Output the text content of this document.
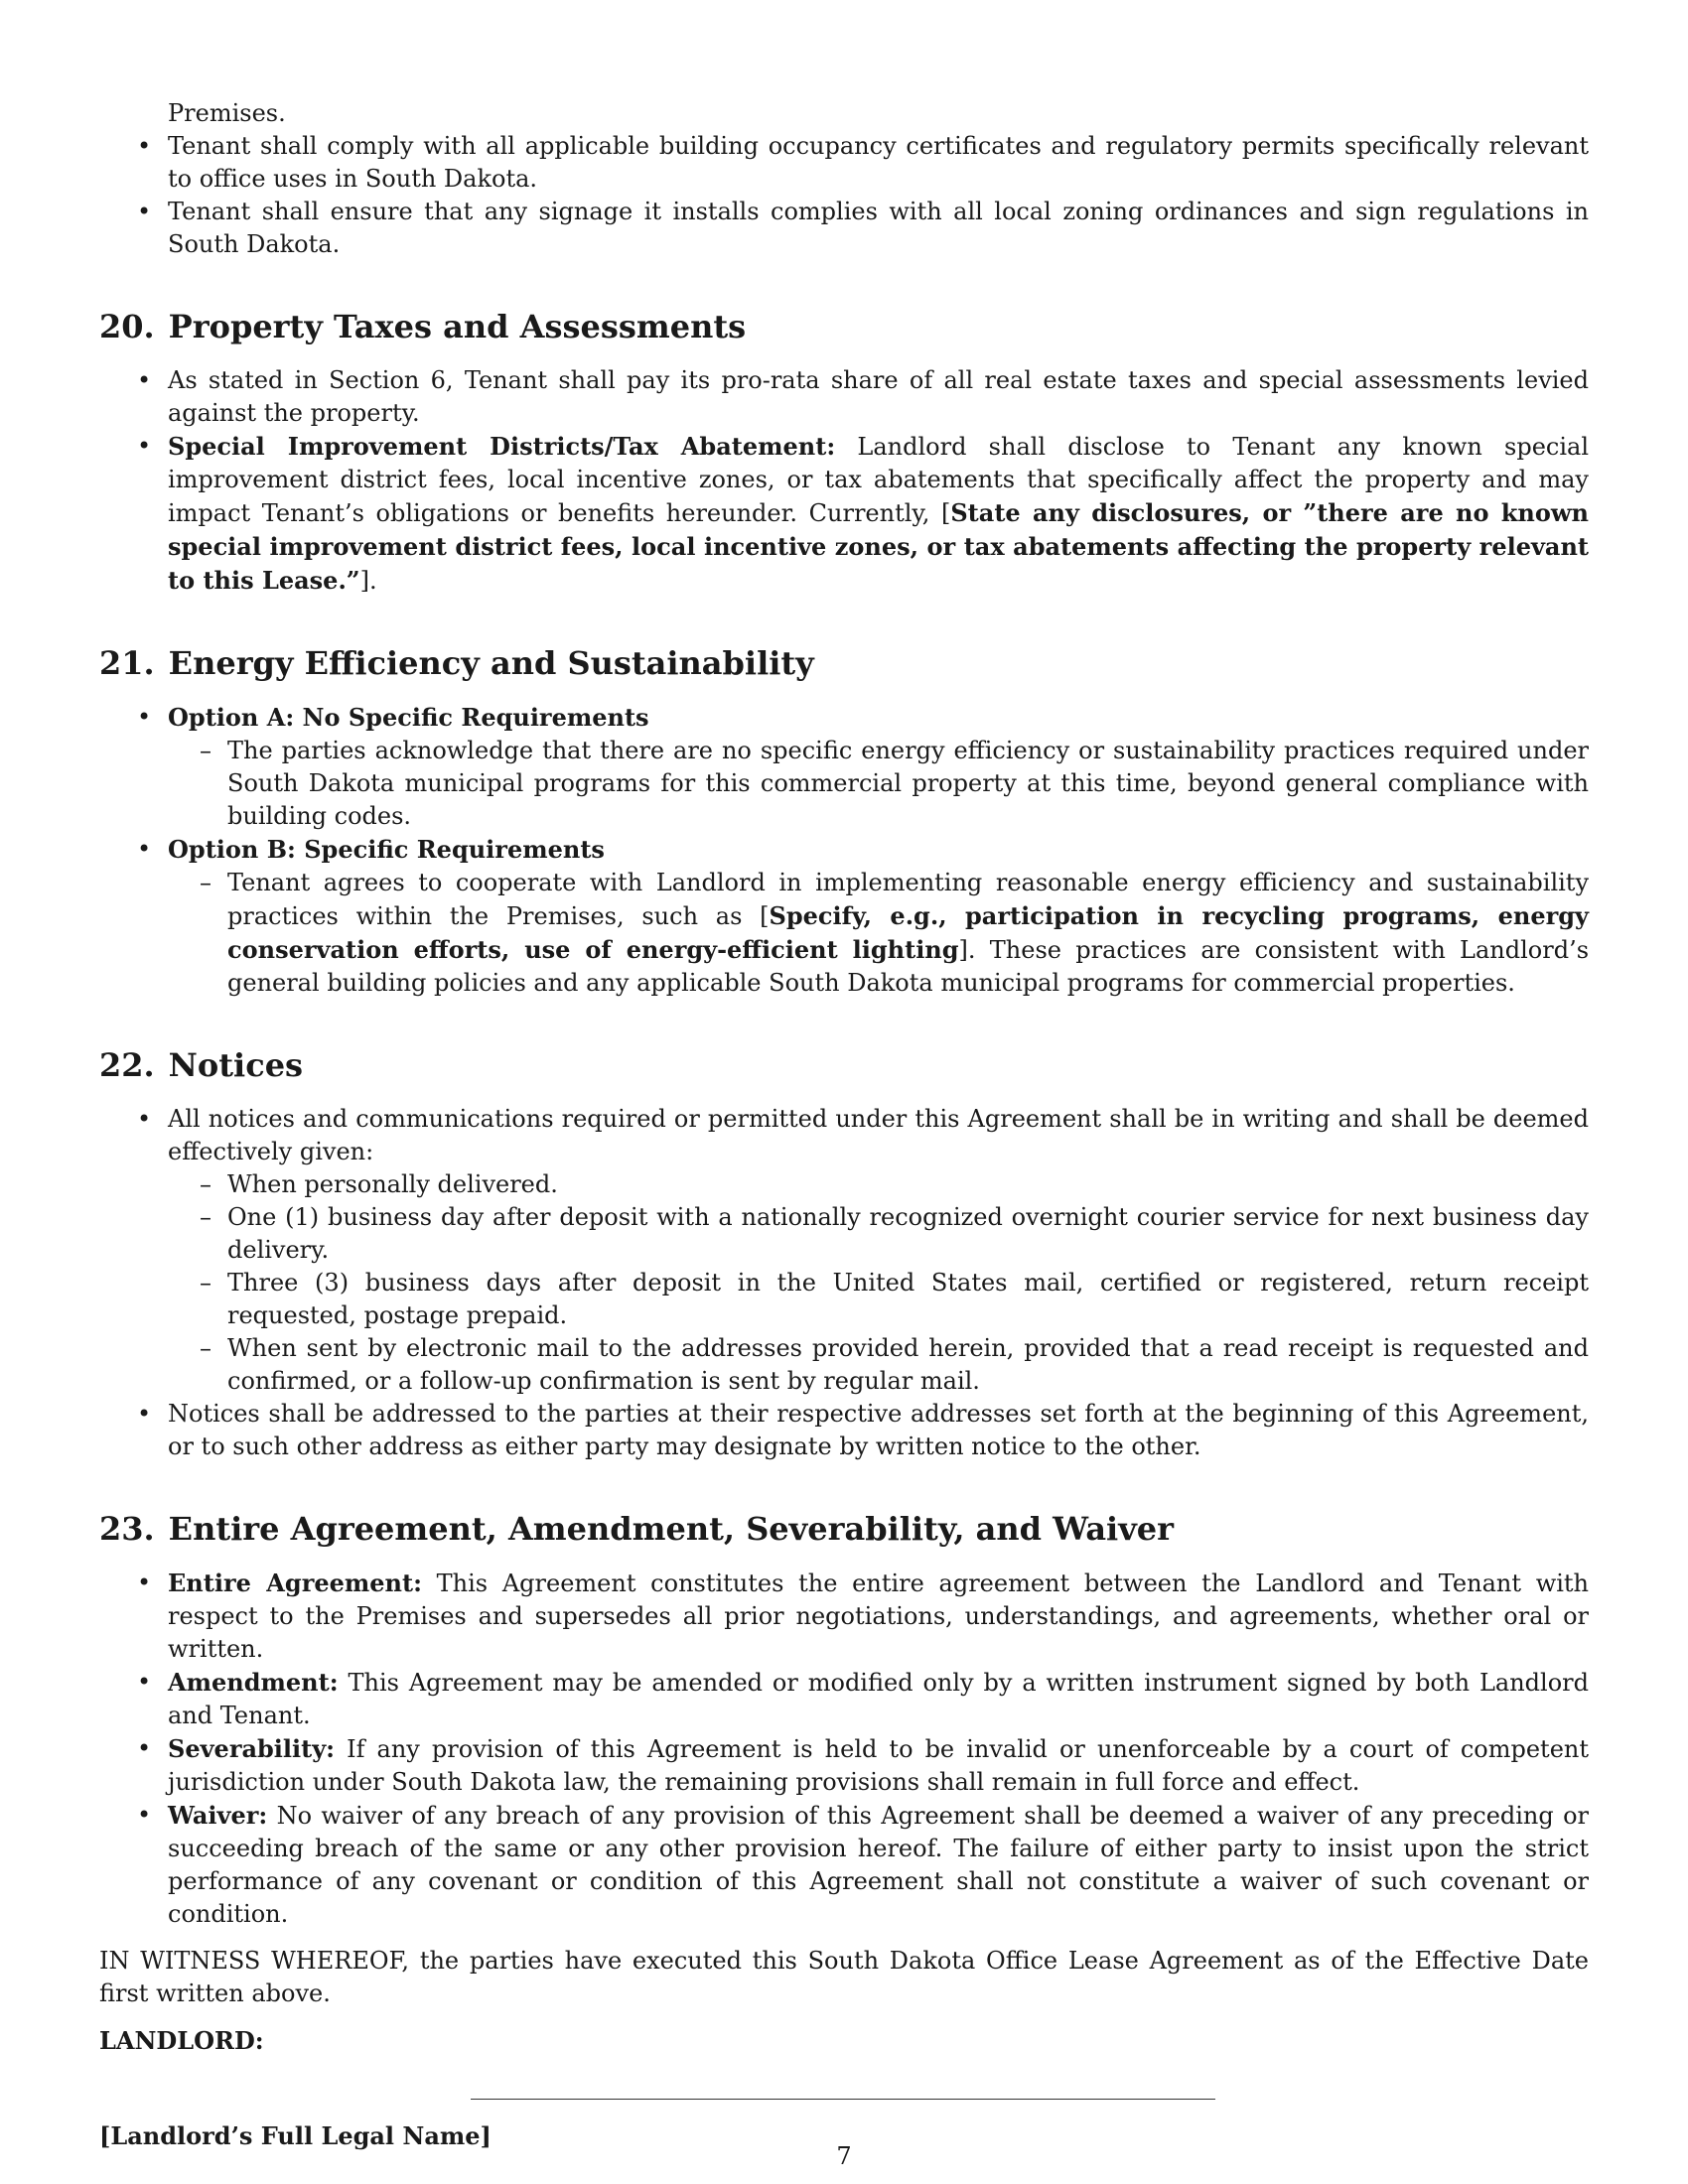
Premises.
• Tenant shall comply with all applicable building occupancy certificates and regulatory permits specifically relevant to office uses in South Dakota.
• Tenant shall ensure that any signage it installs complies with all local zoning ordinances and sign regulations in South Dakota.
20. Property Taxes and Assessments
• As stated in Section 6, Tenant shall pay its pro-rata share of all real estate taxes and special assessments levied against the property.
• Special Improvement Districts/Tax Abatement: Landlord shall disclose to Tenant any known special improvement district fees, local incentive zones, or tax abatements that specifically affect the property and may impact Tenant’s obligations or benefits hereunder. Currently, [State any disclosures, or ”there are no known special improvement district fees, local incentive zones, or tax abatements affecting the property relevant to this Lease.”].
21. Energy Efficiency and Sustainability
• Option A: No Specific Requirements
– The parties acknowledge that there are no specific energy efficiency or sustainability practices required under South Dakota municipal programs for this commercial property at this time, beyond general compliance with building codes.
• Option B: Specific Requirements
– Tenant agrees to cooperate with Landlord in implementing reasonable energy efficiency and sustainability practices within the Premises, such as [Specify, e.g., participation in recycling programs, energy conservation efforts, use of energy-efficient lighting]. These practices are consistent with Landlord’s general building policies and any applicable South Dakota municipal programs for commercial properties.
22. Notices
• All notices and communications required or permitted under this Agreement shall be in writing and shall be deemed effectively given:
– When personally delivered.
– One (1) business day after deposit with a nationally recognized overnight courier service for next business day delivery.
– Three (3) business days after deposit in the United States mail, certified or registered, return receipt requested, postage prepaid.
– When sent by electronic mail to the addresses provided herein, provided that a read receipt is requested and confirmed, or a follow-up confirmation is sent by regular mail.
• Notices shall be addressed to the parties at their respective addresses set forth at the beginning of this Agreement, or to such other address as either party may designate by written notice to the other.
23. Entire Agreement, Amendment, Severability, and Waiver
• Entire Agreement: This Agreement constitutes the entire agreement between the Landlord and Tenant with respect to the Premises and supersedes all prior negotiations, understandings, and agreements, whether oral or written.
• Amendment: This Agreement may be amended or modified only by a written instrument signed by both Landlord and Tenant.
• Severability: If any provision of this Agreement is held to be invalid or unenforceable by a court of competent jurisdiction under South Dakota law, the remaining provisions shall remain in full force and effect.
• Waiver: No waiver of any breach of any provision of this Agreement shall be deemed a waiver of any preceding or succeeding breach of the same or any other provision hereof. The failure of either party to insist upon the strict performance of any covenant or condition of this Agreement shall not constitute a waiver of such covenant or condition.

IN WITNESS WHEREOF, the parties have executed this South Dakota Office Lease Agreement as of the Effective Date first written above.

LANDLORD:

[Landlord’s Full Legal Name]

7
